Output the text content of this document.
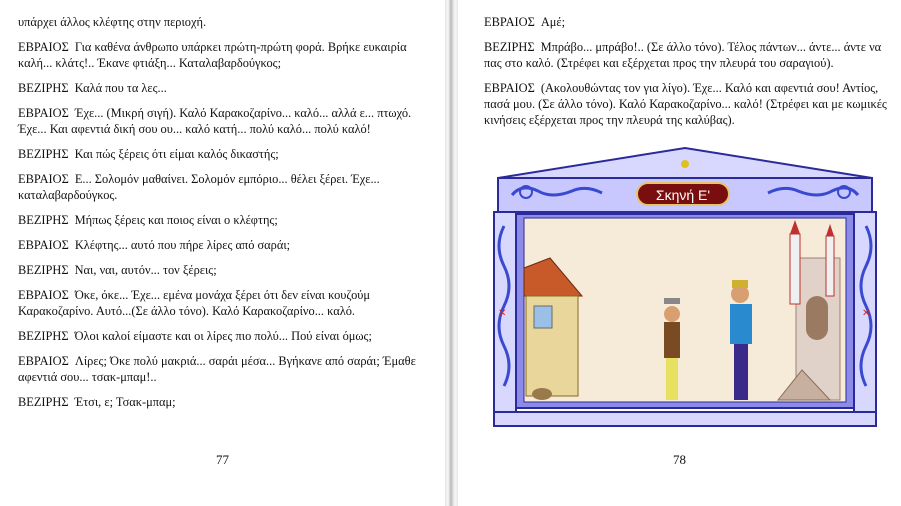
υπάρχει άλλος κλέφτης στην περιοχή.

ΕΒΡΑΙΟΣ Για καθένα άνθρωπο υπάρκει πρώτη-πρώτη φορά. Βρήκε ευκαιρία καλή... κλάτς!.. Έκανε φτιάξη... Καταλαβαρδούγκος;

ΒΕΖΙΡΗΣ Καλά που τα λες...

ΕΒΡΑΙΟΣ Έχε... (Μικρή σιγή). Καλό Καρακοζαρίνο... καλό... αλλά ε... πτωχό. Έχε... Και αφεντιά δική σου ου... καλό κατή... πολύ καλό... πολύ καλό!

ΒΕΖΙΡΗΣ Και πώς ξέρεις ότι είμαι καλός δικαστής;

ΕΒΡΑΙΟΣ Ε... Σολομόν μαθαίνει. Σολομόν εμπόριο... θέλει ξέρει. Έχε... καταλαβαρδούγκος.

ΒΕΖΙΡΗΣ Μήπως ξέρεις και ποιος είναι ο κλέφτης;

ΕΒΡΑΙΟΣ Κλέφτης... αυτό που πήρε λίρες από σαράι;

ΒΕΖΙΡΗΣ Ναι, ναι, αυτόν... τον ξέρεις;

ΕΒΡΑΙΟΣ Όκε, όκε... Έχε... εμένα μονάχα ξέρει ότι δεν είναι κουζούμ Καρακοζαρίνο. Αυτό...(Σε άλλο τόνο). Καλό Καρακοζαρίνο... καλό.

ΒΕΖΙΡΗΣ Όλοι καλοί είμαστε και οι λίρες πιο πολύ... Πού είναι όμως;

ΕΒΡΑΙΟΣ Λίρες; Όκε πολύ μακριά... σαράι μέσα... Βγήκανε από σαράι; Έμαθε αφεντιά σου... τσακ-μπαμ!..

ΒΕΖΙΡΗΣ Έτσι, ε; Τσακ-μπαμ;

77

ΕΒΡΑΙΟΣ Αμέ;

ΒΕΖΙΡΗΣ Μπράβο... μπράβο!.. (Σε άλλο τόνο). Τέλος πάντων... άντε... άντε να πας στο καλό. (Στρέφει και εξέρχεται προς την πλευρά του σαραγιού).

ΕΒΡΑΙΟΣ (Ακολουθώντας τον για λίγο). Έχε... Καλό και αφεντιά σου! Αντίος, πασά μου. (Σε άλλο τόνο). Καλό Καρακοζαρίνο... καλό! (Στρέφει και με κωμικές κινήσεις εξέρχεται προς την πλευρά της καλύβας).

✕	✕
Σκηνή Ε'
78
